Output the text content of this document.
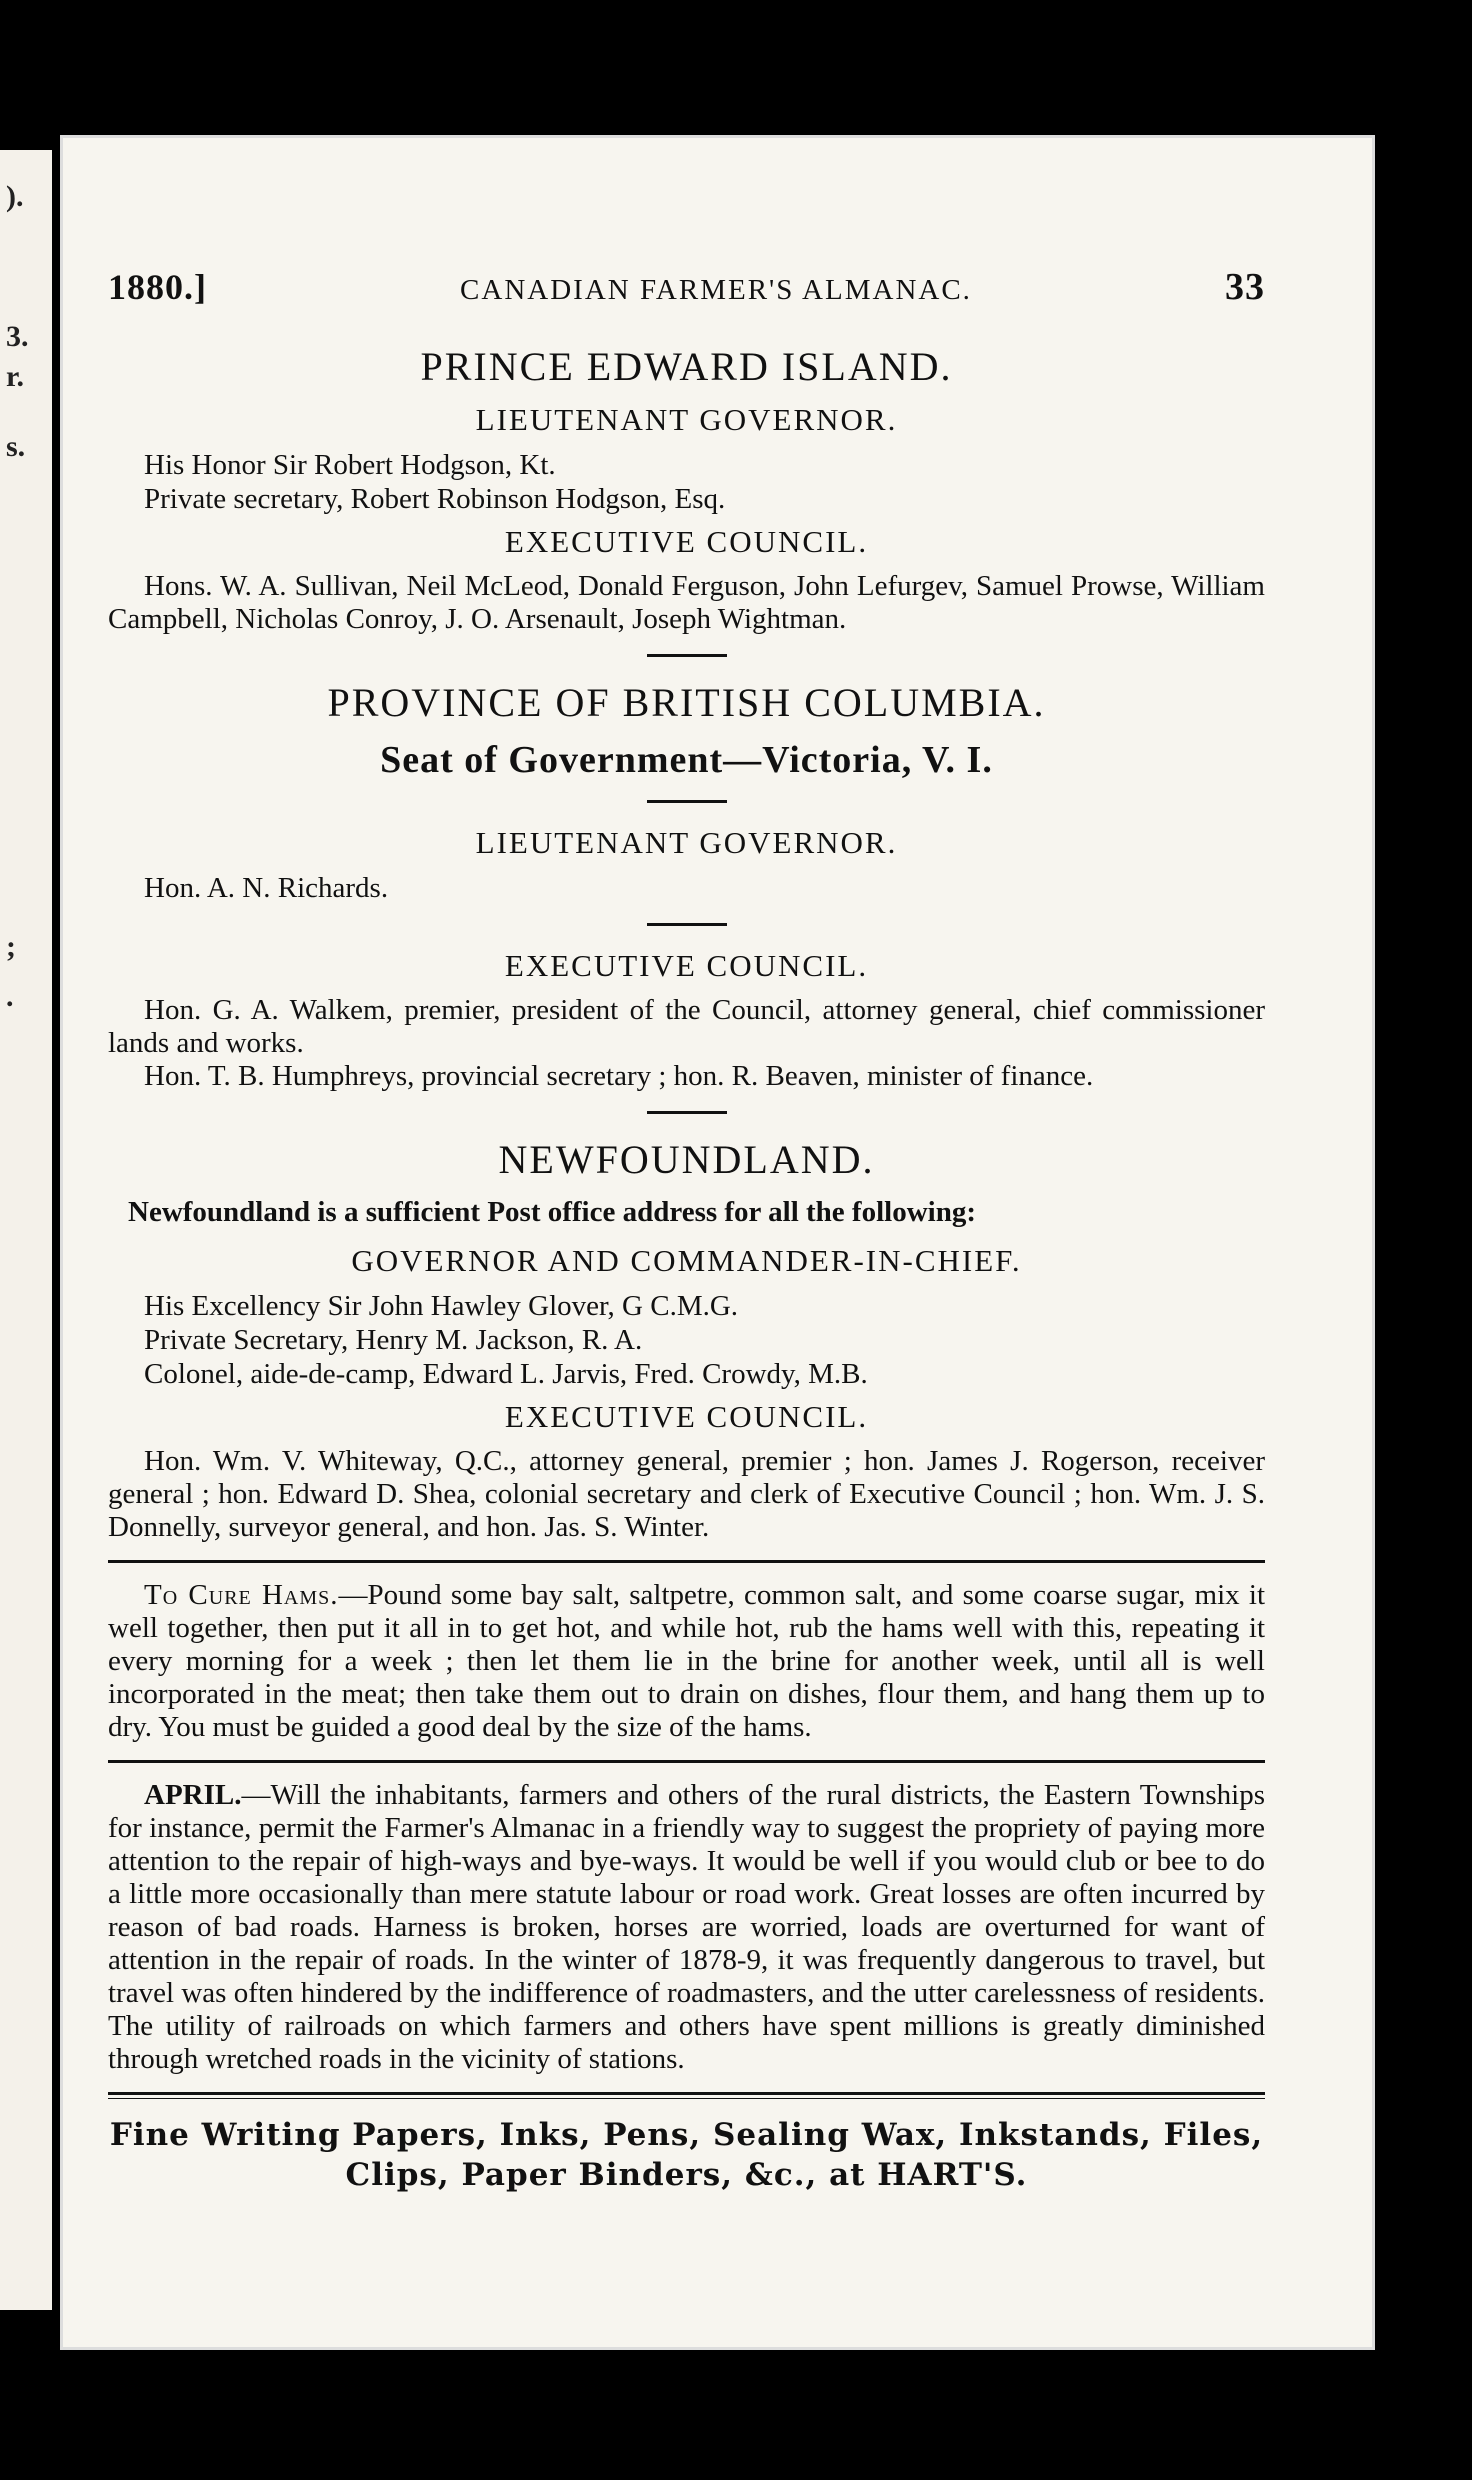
).
3.
r.
s.
;
.
1880.]	CANADIAN FARMER'S ALMANAC.	33
PRINCE EDWARD ISLAND.
LIEUTENANT GOVERNOR.
His Honor Sir Robert Hodgson, Kt.
Private secretary, Robert Robinson Hodgson, Esq.
EXECUTIVE COUNCIL.
Hons. W. A. Sullivan, Neil McLeod, Donald Ferguson, John Lefurgev, Samuel Prowse, William Campbell, Nicholas Conroy, J. O. Arsenault, Joseph Wightman.
PROVINCE OF BRITISH COLUMBIA.
Seat of Government—Victoria, V. I.
LIEUTENANT GOVERNOR.
Hon. A. N. Richards.
EXECUTIVE COUNCIL.
Hon. G. A. Walkem, premier, president of the Council, attorney general, chief commissioner lands and works.
Hon. T. B. Humphreys, provincial secretary ; hon. R. Beaven, minister of finance.
NEWFOUNDLAND.
Newfoundland is a sufficient Post office address for all the following:
GOVERNOR AND COMMANDER-IN-CHIEF.
His Excellency Sir John Hawley Glover, G C.M.G.
Private Secretary, Henry M. Jackson, R. A.
Colonel, aide-de-camp, Edward L. Jarvis, Fred. Crowdy, M.B.
EXECUTIVE COUNCIL.
Hon. Wm. V. Whiteway, Q.C., attorney general, premier ; hon. James J. Rogerson, receiver general ; hon. Edward D. Shea, colonial secretary and clerk of Executive Council ; hon. Wm. J. S. Donnelly, surveyor general, and hon. Jas. S. Winter.
To Cure Hams.—Pound some bay salt, saltpetre, common salt, and some coarse sugar, mix it well together, then put it all in to get hot, and while hot, rub the hams well with this, repeating it every morning for a week ; then let them lie in the brine for another week, until all is well incorporated in the meat; then take them out to drain on dishes, flour them, and hang them up to dry. You must be guided a good deal by the size of the hams.
APRIL.—Will the inhabitants, farmers and others of the rural districts, the Eastern Townships for instance, permit the Farmer's Almanac in a friendly way to suggest the propriety of paying more attention to the repair of high-ways and bye-ways. It would be well if you would club or bee to do a little more occasionally than mere statute labour or road work. Great losses are often incurred by reason of bad roads. Harness is broken, horses are worried, loads are overturned for want of attention in the repair of roads. In the winter of 1878-9, it was frequently dangerous to travel, but travel was often hindered by the indifference of roadmasters, and the utter carelessness of residents. The utility of railroads on which farmers and others have spent millions is greatly diminished through wretched roads in the vicinity of stations.
Fine Writing Papers, Inks, Pens, Sealing Wax, Inkstands, Files,
Clips, Paper Binders, &c., at HART'S.
